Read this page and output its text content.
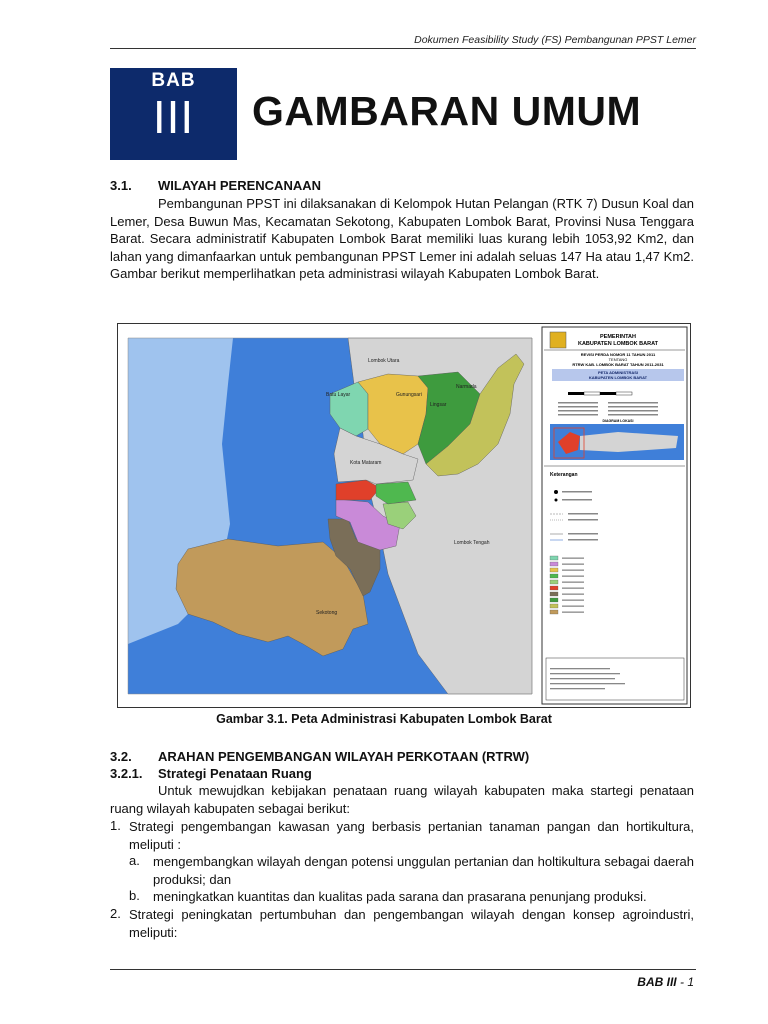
Dokumen Feasibility Study (FS) Pembangunan PPST Lemer
BAB
III	GAMBARAN UMUM
3.1. WILAYAH PERENCANAAN
Pembangunan PPST ini dilaksanakan di Kelompok Hutan Pelangan (RTK 7) Dusun Koal dan Lemer, Desa Buwun Mas, Kecamatan Sekotong, Kabupaten Lombok Barat, Provinsi Nusa Tenggara Barat. Secara administratif Kabupaten Lombok Barat memiliki luas kurang lebih 1053,92 Km2, dan lahan yang dimanfaarkan untuk pembangunan PPST Lemer ini adalah seluas 147 Ha atau 1,47 Km2. Gambar berikut memperlihatkan peta administrasi wilayah Kabupaten Lombok Barat.
Lombok Utara
Gunungsari
Lingsar
Narmada
Batu Layar
Kota Mataram
Lombok Tengah
Sekotong
PEMERINTAH
KABUPATEN LOMBOK BARAT
REVISI PERDA NOMOR 11 TAHUN 2011
TENTANG
RTRW KAB. LOMBOK BARAT TAHUN 2011-2031
PETA ADMINISTRASI
KABUPATEN LOMBOK BARAT
DIAGRAM LOKASI
Keterangan
Gambar 3.1. Peta Administrasi Kabupaten Lombok Barat
3.2. ARAHAN PENGEMBANGAN WILAYAH PERKOTAAN (RTRW)
3.2.1. Strategi Penataan Ruang
Untuk mewujdkan kebijakan penataan ruang wilayah kabupaten maka startegi penataan ruang wilayah kabupaten sebagai berikut:
1. Strategi pengembangan kawasan yang berbasis pertanian tanaman pangan dan hortikultura, meliputi :
a. mengembangkan wilayah dengan potensi unggulan pertanian dan holtikultura sebagai daerah produksi; dan
b. meningkatkan kuantitas dan kualitas pada sarana dan prasarana penunjang produksi.
2. Strategi peningkatan pertumbuhan dan pengembangan wilayah dengan konsep agroindustri, meliputi:
BAB III - 1
